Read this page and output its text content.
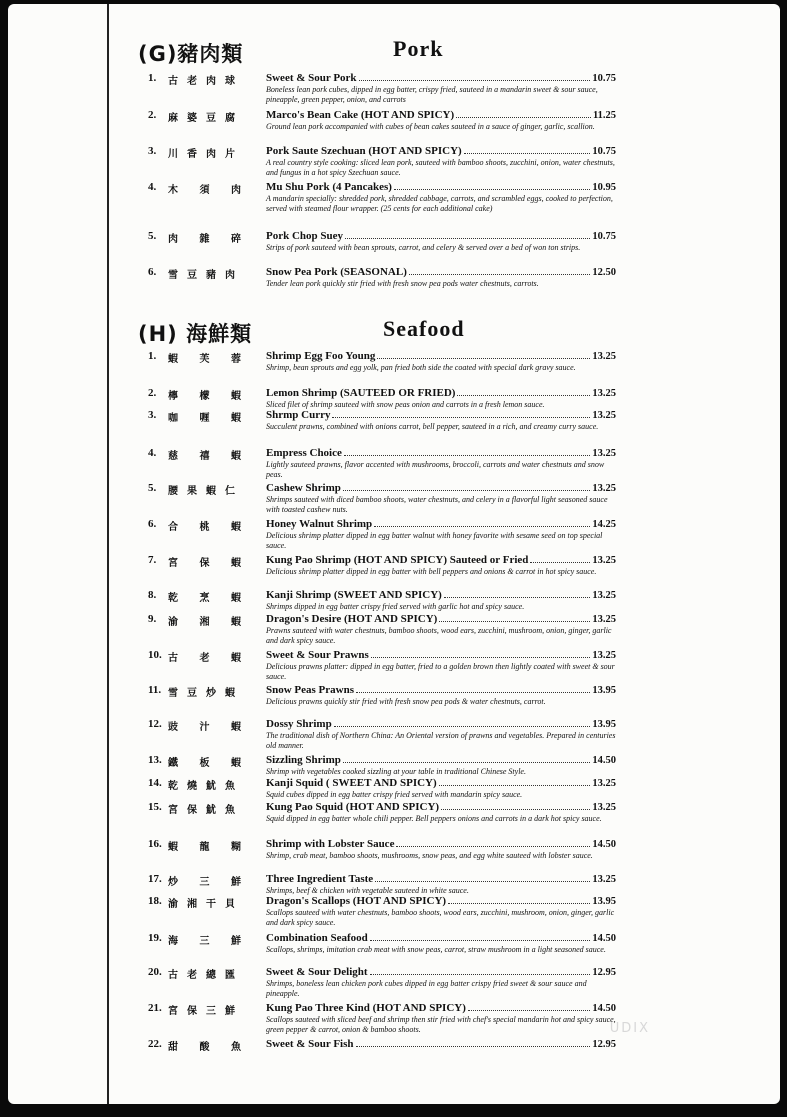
(G)豬肉類	Pork
1. 古老肉球	Sweet & Sour Pork	10.75
Boneless lean pork cubes, dipped in egg batter, crispy fried, sauteed in a mandarin sweet & sour sauce, pineapple, green pepper, onion, and carrots
2. 麻婆豆腐	Marco's Bean Cake (HOT AND SPICY)	11.25
Ground lean pork accompanied with cubes of bean cakes sauteed in a sauce of ginger, garlic, scallion.
3. 川香肉片	Pork Saute Szechuan (HOT AND SPICY)	10.75
A real country style cooking: sliced lean pork, sauteed with bamboo shoots, zucchini, onion, water chestnuts, and fungus in a hot spicy Szechuan sauce.
4. 木 須 肉 Mu Shu Pork (4 Pancakes)	10.95
A mandarin specially: shredded pork, shredded cabbage, carrots, and scrambled eggs, cooked to perfection, served with steamed flour wrapper. (25 cents for each additional cake)
5. 肉 雜 碎 Pork Chop Suey	10.75
Strips of pork sauteed with bean sprouts, carrot, and celery & served over a bed of won ton strips.
6. 雪豆豬肉	Snow Pea Pork (SEASONAL)	12.50
Tender lean pork quickly stir fried with fresh snow pea pods water chestnuts, carrots.
(H) 海鮮類	Seafood
1. 蝦 芙 蓉 Shrimp Egg Foo Young	13.25
Shrimp, bean sprouts and egg yolk, pan fried both side the coated with special dark gravy sauce.
2. 檸 檬 蝦 Lemon Shrimp (SAUTEED OR FRIED)	13.25
Sliced filet of shrimp sauteed with snow peas onion and carrots in a fresh lemon sauce.
3. 咖 喱 蝦 Shrmp Curry	13.25
Succulent prawns, combined with onions carrot, bell pepper, sauteed in a rich, and creamy curry sauce.
4. 慈 禧 蝦 Empress Choice	13.25
Lightly sauteed prawns, flavor accented with mushrooms, broccoli, carrots and water chestnuts and snow peas.
5. 腰果蝦仁	Cashew Shrimp	13.25
Shrimps sauteed with diced bamboo shoots, water chestnuts, and celery in a flavorful light seasoned sauce with toasted cashew nuts.
6. 合 桃 蝦 Honey Walnut Shrimp	14.25
Delicious shrimp platter dipped in egg batter walnut with honey favorite with sesame seed on top special sauce.
7. 宮 保 蝦 Kung Pao Shrimp (HOT AND SPICY) Sauteed or Fried	13.25
Delicious shrimp platter dipped in egg batter with bell peppers and onions & carrot in hot spicy sauce.
8. 乾 烹 蝦 Kanji Shrimp (SWEET AND SPICY)	13.25
Shrimps dipped in egg batter crispy fried served with garlic hot and spicy sauce.
9. 渝 湘 蝦 Dragon's Desire (HOT AND SPICY)	13.25
Prawns sauteed with water chestnuts, bamboo shoots, wood ears, zucchini, mushroom, onion, ginger, garlic and dark spicy sauce.
10. 古 老 蝦 Sweet & Sour Prawns	13.25
Delicious prawns platter: dipped in egg batter, fried to a golden brown then lightly coated with sweet & sour sauce.
11. 雪豆炒蝦	Snow Peas Prawns	13.95
Delicious prawns quickly stir fried with fresh snow pea pods & water chestnuts, carrot.
12. 豉 汁 蝦 Dossy Shrimp	13.95
The traditional dish of Northern China: An Oriental version of prawns and vegetables. Prepared in centuries old manner.
13. 鐵 板 蝦 Sizzling Shrimp	14.50
Shrimp with vegetables cooked sizzling at your table in traditional Chinese Style.
14. 乾燒魷魚	Kanji Squid ( SWEET AND SPICY)	13.25
Squid cubes dipped in egg batter crispy fried served with mandarin spicy sauce.
15. 宮保魷魚	Kung Pao Squid (HOT AND SPICY)	13.25
Squid dipped in egg batter whole chili pepper. Bell peppers onions and carrots in a dark hot spicy sauce.
16. 蝦 龍 糊 Shrimp with Lobster Sauce	14.50
Shrimp, crab meat, bamboo shoots, mushrooms, snow peas, and egg white sauteed with lobster sauce.
17. 炒 三 鮮 Three Ingredient Taste	13.25
Shrimps, beef & chicken with vegetable sauteed in white sauce.
18. 渝湘干貝	Dragon's Scallops (HOT AND SPICY)	13.95
Scallops sauteed with water chestnuts, bamboo shoots, wood ears, zucchini, mushroom, onion, ginger, garlic and dark spicy sauce.
19. 海 三 鮮 Combination Seafood	14.50
Scallops, shrimps, imitation crab meat with snow peas, carrot, straw mushroom in a light seasoned sauce.
20. 古老總匯	Sweet & Sour Delight	12.95
Shrimps, boneless lean chicken pork cubes dipped in egg batter crispy fried sweet & sour sauce and pineapple.
21. 宮保三鮮	Kung Pao Three Kind (HOT AND SPICY)	14.50
Scallops sauteed with sliced beef and shrimp then stir fried with chef's special mandarin hot and spicy sauce, green pepper & carrot, onion & bamboo shoots.
22. 甜 酸 魚 Sweet & Sour Fish	12.95
UDIX
